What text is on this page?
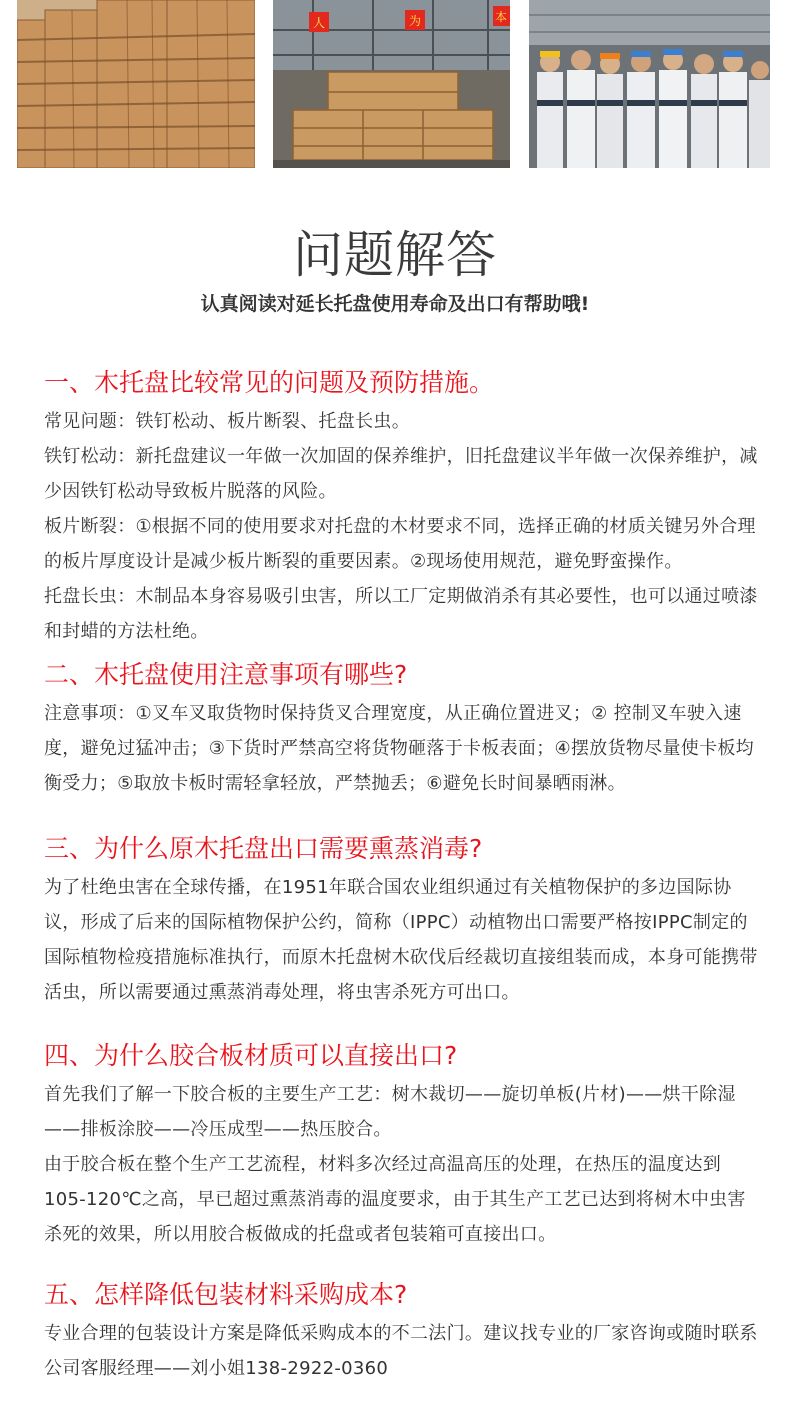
人	为	本
问题解答
认真阅读对延长托盘使用寿命及出口有帮助哦!
一、木托盘比较常见的问题及预防措施。

常见问题：铁钉松动、板片断裂、托盘长虫。

铁钉松动：新托盘建议一年做一次加固的保养维护，旧托盘建议半年做一次保养维护，减少因铁钉松动导致板片脱落的风险。

板片断裂：①根据不同的使用要求对托盘的木材要求不同，选择正确的材质关键另外合理的板片厚度设计是减少板片断裂的重要因素。②现场使用规范，避免野蛮操作。

托盘长虫：木制品本身容易吸引虫害，所以工厂定期做消杀有其必要性，也可以通过喷漆和封蜡的方法杜绝。

二、木托盘使用注意事项有哪些?

注意事项：①叉车叉取货物时保持货叉合理宽度，从正确位置进叉；② 控制叉车驶入速度，避免过猛冲击；③下货时严禁高空将货物砸落于卡板表面；④摆放货物尽量使卡板均衡受力；⑤取放卡板时需轻拿轻放，严禁抛丢；⑥避免长时间暴晒雨淋。

三、为什么原木托盘出口需要熏蒸消毒?

为了杜绝虫害在全球传播，在1951年联合国农业组织通过有关植物保护的多边国际协议，形成了后来的国际植物保护公约，简称（IPPC）动植物出口需要严格按IPPC制定的国际植物检疫措施标准执行，而原木托盘树木砍伐后经裁切直接组装而成，本身可能携带活虫，所以需要通过熏蒸消毒处理，将虫害杀死方可出口。

四、为什么胶合板材质可以直接出口?

首先我们了解一下胶合板的主要生产工艺：树木裁切——旋切单板(片材)——烘干除湿——排板涂胶——冷压成型——热压胶合。

由于胶合板在整个生产工艺流程，材料多次经过高温高压的处理，在热压的温度达到105-120℃之高，早已超过熏蒸消毒的温度要求，由于其生产工艺已达到将树木中虫害杀死的效果，所以用胶合板做成的托盘或者包装箱可直接出口。

五、怎样降低包装材料采购成本?

专业合理的包装设计方案是降低采购成本的不二法门。建议找专业的厂家咨询或随时联系公司客服经理——刘小姐138-2922-0360
